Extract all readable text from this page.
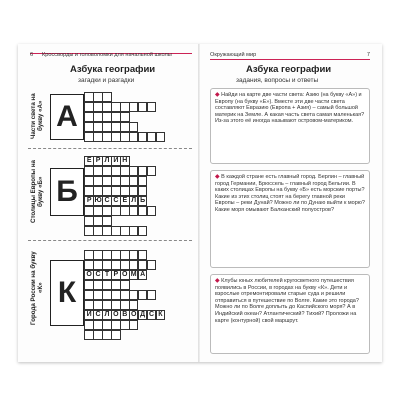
6 Кроссворды и головоломки для начальной школы
Азбука географии
загадки и разгадки
Части света на букву «А» А
Столицы Европы на букву «Б» Б
Е Р Л И Н
Р Ю С С Е Л Ь
Города России на букву «К» К
О С Т Р О М А
И С Л О В О Д С К
Окружающий мир	7
Азбука географии
задания, вопросы и ответы
◆ Найди на карте две части света: Азию (на букву «А») и Европу (на букву «Е»). Вместе эти две части света составляют Евразию (Европа + Азия) – самый большой материк на Земле. А какая часть света самая маленькая? Из-за этого её иногда называют островом-материком.
◆ В каждой стране есть главный город. Берлин – главный город Германии, Брюссель – главный город Бельгии. В каких столицах Европы на букву «Б» есть морские порты? Какие из этих столиц стоят на берегу главной реки Европы – реки Дунай? Можно ли по Дунаю выйти к морю? Какие моря омывают Балканский полуостров?
◆ Клубы юных любителей кругосветного путешествия появились в России, в городах на букву «К». Дети и взрослые отремонтировали старые суда и решили отправиться в путешествие по Волге. Какие это города? Можно ли по Волге доплыть до Каспийского моря? А в Индийский океан? Атлантический? Тихий? Проложи на карте (контурной) свой маршрут.
